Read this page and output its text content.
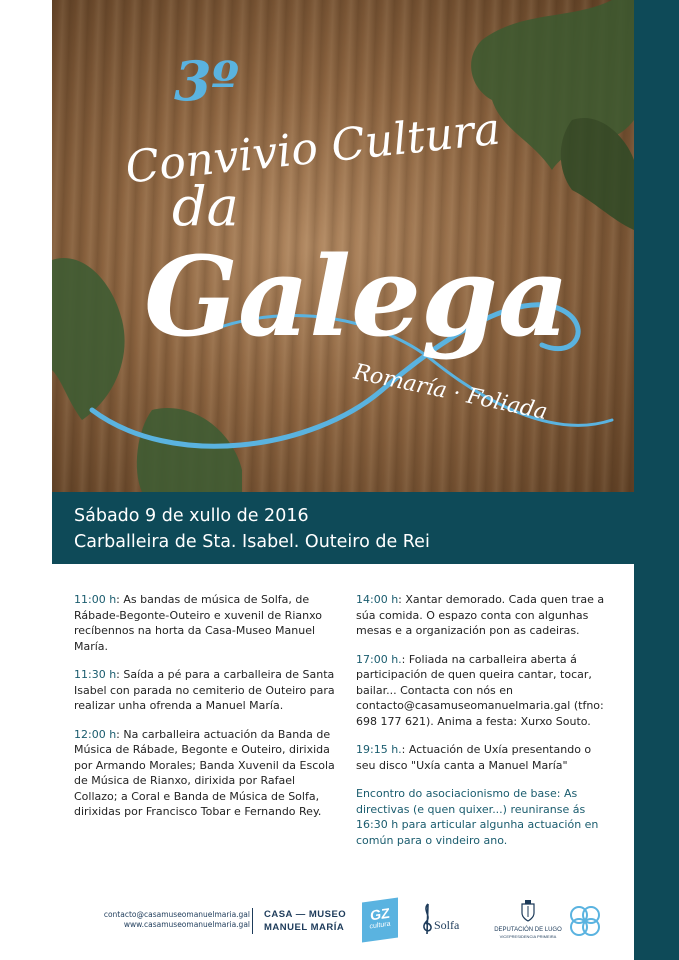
3º
Convivio Cultura
da
Galega
Romaría · Foliada
Sábado 9 de xullo de 2016
Carballeira de Sta. Isabel. Outeiro de Rei

11:00 h: As bandas de música de Solfa, de Rábade-Begonte-Outeiro e xuvenil de Rianxo recíbennos na horta da Casa-Museo Manuel María.

11:30 h: Saída a pé para a carballeira de Santa Isabel con parada no cemiterio de Outeiro para realizar unha ofrenda a Manuel María.

12:00 h: Na carballeira actuación da Banda de Música de Rábade, Begonte e Outeiro, dirixida por Armando Morales; Banda Xuvenil da Escola de Música de Rianxo, dirixida por Rafael Collazo; a Coral e Banda de Música de Solfa, dirixidas por Francisco Tobar e Fernando Rey.

14:00 h: Xantar demorado. Cada quen trae a súa comida. O espazo conta con algunhas mesas e a organización pon as cadeiras.

17:00 h.: Foliada na carballeira aberta á participación de quen queira cantar, tocar, bailar... Contacta con nós en contacto@casamuseomanuelmaria.gal (tfno: 698 177 621). Anima a festa: Xurxo Souto.

19:15 h.: Actuación de Uxía presentando o seu disco "Uxía canta a Manuel María"

Encontro do asociacionismo de base: As directivas (e quen quixer...) reuniranse ás 16:30 h para articular algunha actuación en común para o vindeiro ano.

contacto@casamuseomanuelmaria.gal
www.casamuseomanuelmaria.gal
CASA — MUSEO
MANUEL MARÍA
GZ
cultura	Solfa	DEPUTACIÓN DE LUGO
VICEPRESIDENCIA PRIMEIRA
